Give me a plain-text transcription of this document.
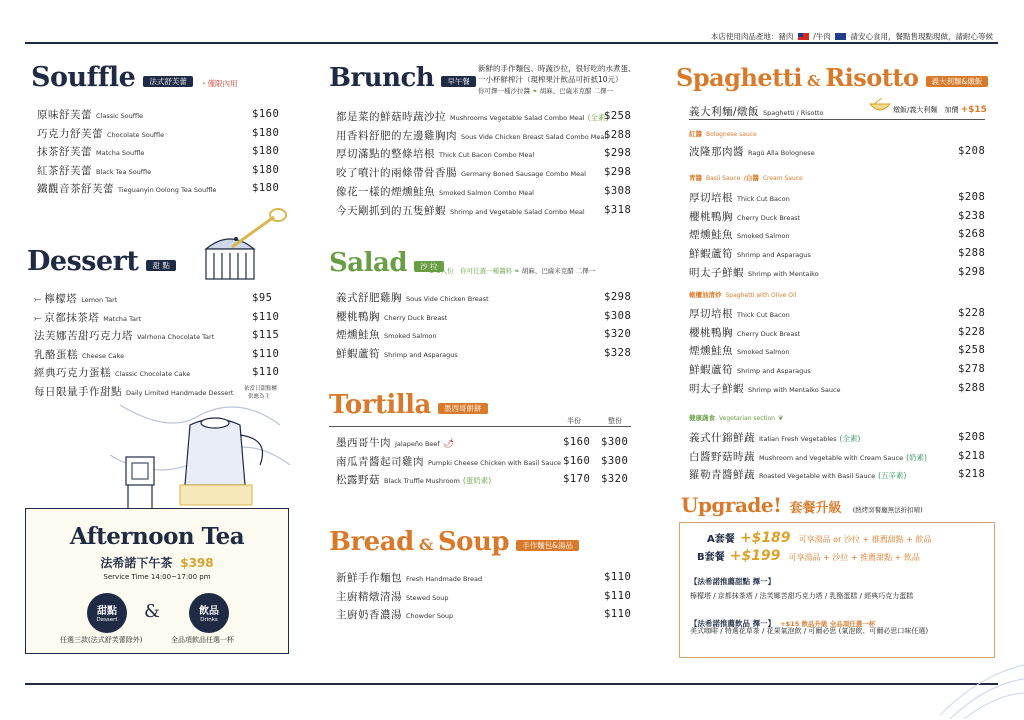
本店使用肉品產地：豬肉	/牛肉	請安心食用，餐點售現點現做，請耐心等候
Souffle 法式舒芙蕾 ・僅限內用
原味舒芙蕾 Classic Souffle	$160
巧克力舒芙蕾 Chocolate Souffle	$180
抹茶舒芙蕾 Matcha Souffle	$180
紅茶舒芙蕾 Black Tea Souffle	$180
鐵觀音茶舒芙蕾 Tieguanyin Oolong Tea Souffle	$180
Dessert 甜 點
⤚ 檸檬塔 Lemon Tart	$95
⤚ 京都抹茶塔 Matcha Tart	$110
法芙娜苦甜巧克力塔 Valrhona Chocolate Tart	$115
乳酪蛋糕 Cheese Cake	$110
經典巧克力蛋糕 Classic Chocolate Cake	$110
每日限量手作甜點 Daily Limited Handmade Dessert 依當日甜點櫃
供應為主
Afternoon Tea
法希諾下午茶 $398
Service Time 14:00~17:00 pm
甜點
Dessert	&	飲品
Drinks
任選三款(法式舒芙蕾除外)	全品項飲品任選一杯
Brunch 早午餐
新鮮的手作麵包、時蔬沙拉，很好吃的水煮蛋、
一小杯鮮榨汁（現榨果汁飲品可折抵10元）
你可擇一種沙拉醬 ❧ 胡麻、巴薩米克醋 二擇一
都是菜的鮮菇時蔬沙拉 Mushrooms Vegetable Salad Combo Meal (全素)
$258
用香料舒肥的左邊雞胸肉 Sous Vide Chicken Breast Salad Combo Meal
$288
厚切滿點的整條培根 Thick Cut Bacon Combo Meal	$298
咬了噴汁的兩條帶骨香腸 Germany Boned Sausage Combo Meal $298
像花一樣的煙燻鮭魚 Smoked Salmon Combo Meal	$308
今天剛抓到的五隻鮮蝦 Shrimp and Vegetable Salad Combo Meal $318
Salad 沙 拉
2-3人份　你可任選一種醬料 ❧ 胡麻、巴薩米克醋 二擇一
義式舒肥雞胸 Sous Vide Chicken Breast	$298
櫻桃鴨胸 Cherry Duck Breast	$308
煙燻鮭魚 Smoked Salmon	$320
鮮蝦蘆筍 Shrimp and Asparagus	$328
Tortilla 墨西哥餅餅
半份	整份
墨西哥牛肉 Jalapeño Beef 🌶	$160 $300
南瓜青醬起司雞肉 Pumpki Cheese Chicken with Basil Sauce $160 $300
松露野菇 Black Truffle Mushroom (蛋奶素)	$170 $320
Bread & Soup 手作麵包&湯品
新鮮手作麵包 Fresh Handmade Bread	$110
主廚精燉清湯 Stewed Soup	$110
主廚奶香濃湯 Chowder Soup	$110
Spaghetti & Risotto 義大利麵&燉飯
義大利麵/燉飯 Spaghetti / Risotto	燉飯/義大利麵　加價 +$15
紅醬 Bolognese sauce
波隆那肉醬 Ragù Alla Bolognese	$208
青醬 Basil Sauce /白醬 Cream Sauce
厚切培根 Thick Cut Bacon	$208
櫻桃鴨胸 Cherry Duck Breast	$238
煙燻鮭魚 Smoked Salmon	$268
鮮蝦蘆筍 Shrimp and Asparagus	$288
明太子鮮蝦 Shrimp with Mentaiko	$298
橄欖油清炒 Spaghetti with Olive Oil
厚切培根 Thick Cut Bacon	$228
櫻桃鴨胸 Cherry Duck Breast	$228
煙燻鮭魚 Smoked Salmon	$258
鮮蝦蘆筍 Shrimp and Asparagus	$278
明太子鮮蝦 Shrimp with Mentaiko Sauce	$288
健康蔬食 Vegetarian section ❦
義式什錦鮮蔬 Italian Fresh Vegetables (全素)	$208
白醬野菇時蔬 Mushroom and Vegetable with Cream Sauce (奶素)	$218
羅勒青醬鮮蔬 Roasted Vegetable with Basil Sauce (五辛素)	$218
Upgrade! 套餐升級 (熱烤窯餐廳無法折扣唷)
A套餐 +$189 可享湯品 or 沙拉 + 推薦甜點 + 飲品
B套餐 +$199 可享湯品 + 沙拉 + 推薦甜點 + 飲品
【法希諾推薦甜點 擇一】
檸檬塔 / 京都抹茶塔 / 法芙娜苦甜巧克力塔 / 乳酪蛋糕 / 經典巧克力蛋糕
【法希諾推薦飲品 擇一】 +$15 飲品升級 全品項任選一杯
美式咖啡 / 特選花草茶 / 花果氣泡飲 / 可爾必思 (氣泡飲、可爾必思口味任選)
